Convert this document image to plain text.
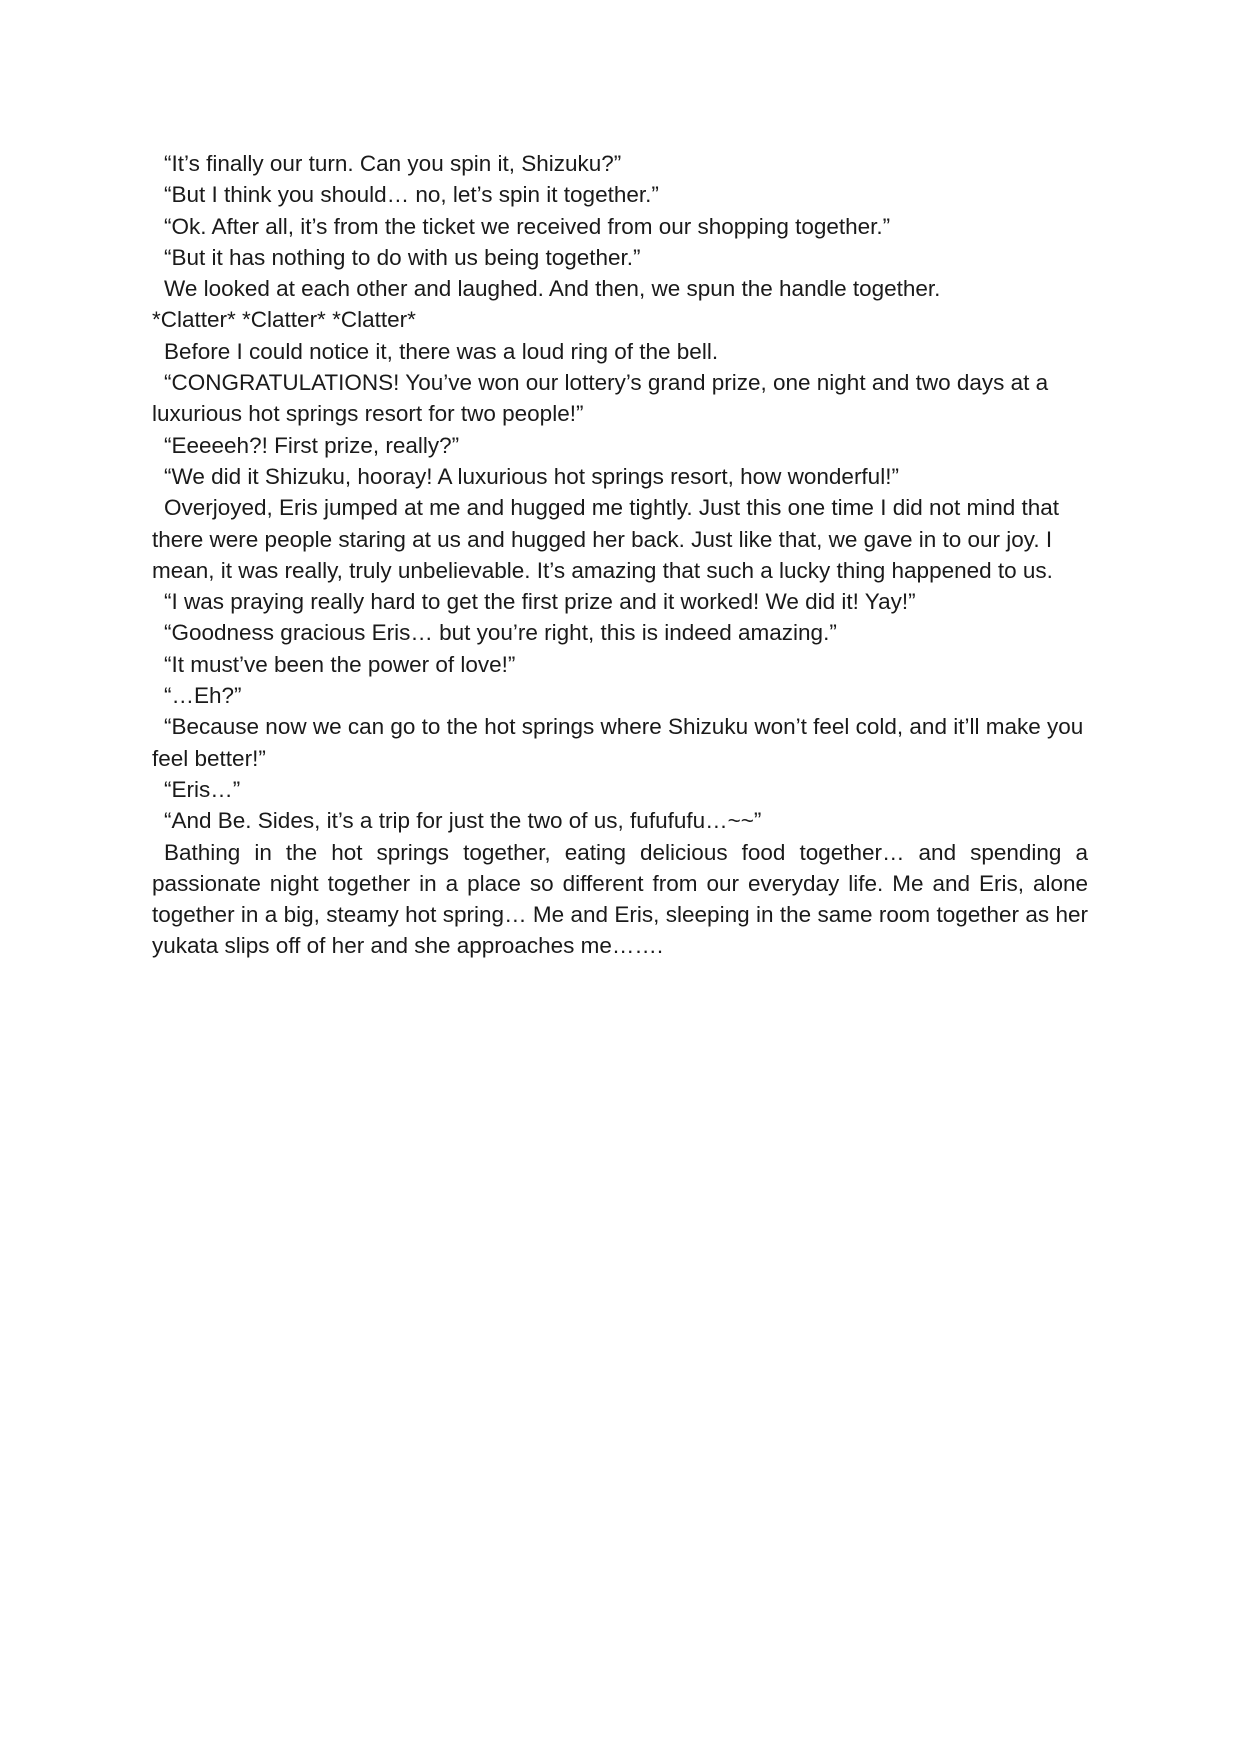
“It’s finally our turn. Can you spin it, Shizuku?”

“But I think you should… no, let’s spin it together.”

“Ok. After all, it’s from the ticket we received from our shopping together.”

“But it has nothing to do with us being together.”

We looked at each other and laughed. And then, we spun the handle together.

*Clatter* *Clatter* *Clatter*

Before I could notice it, there was a loud ring of the bell.

“CONGRATULATIONS! You’ve won our lottery’s grand prize, one night and two days at a luxurious hot springs resort for two people!”

“Eeeeeh?! First prize, really?”

“We did it Shizuku, hooray! A luxurious hot springs resort, how wonderful!”

Overjoyed, Eris jumped at me and hugged me tightly. Just this one time I did not mind that there were people staring at us and hugged her back. Just like that, we gave in to our joy. I mean, it was really, truly unbelievable. It’s amazing that such a lucky thing happened to us.

“I was praying really hard to get the first prize and it worked! We did it! Yay!”

“Goodness gracious Eris… but you’re right, this is indeed amazing.”

“It must’ve been the power of love!”

“…Eh?”

“Because now we can go to the hot springs where Shizuku won’t feel cold, and it’ll make you feel better!”

“Eris…”

“And Be. Sides, it’s a trip for just the two of us, fufufufu…~~”

Bathing in the hot springs together, eating delicious food together… and spending a passionate night together in a place so different from our everyday life. Me and Eris, alone together in a big, steamy hot spring… Me and Eris, sleeping in the same room together as her yukata slips off of her and she approaches me…….
